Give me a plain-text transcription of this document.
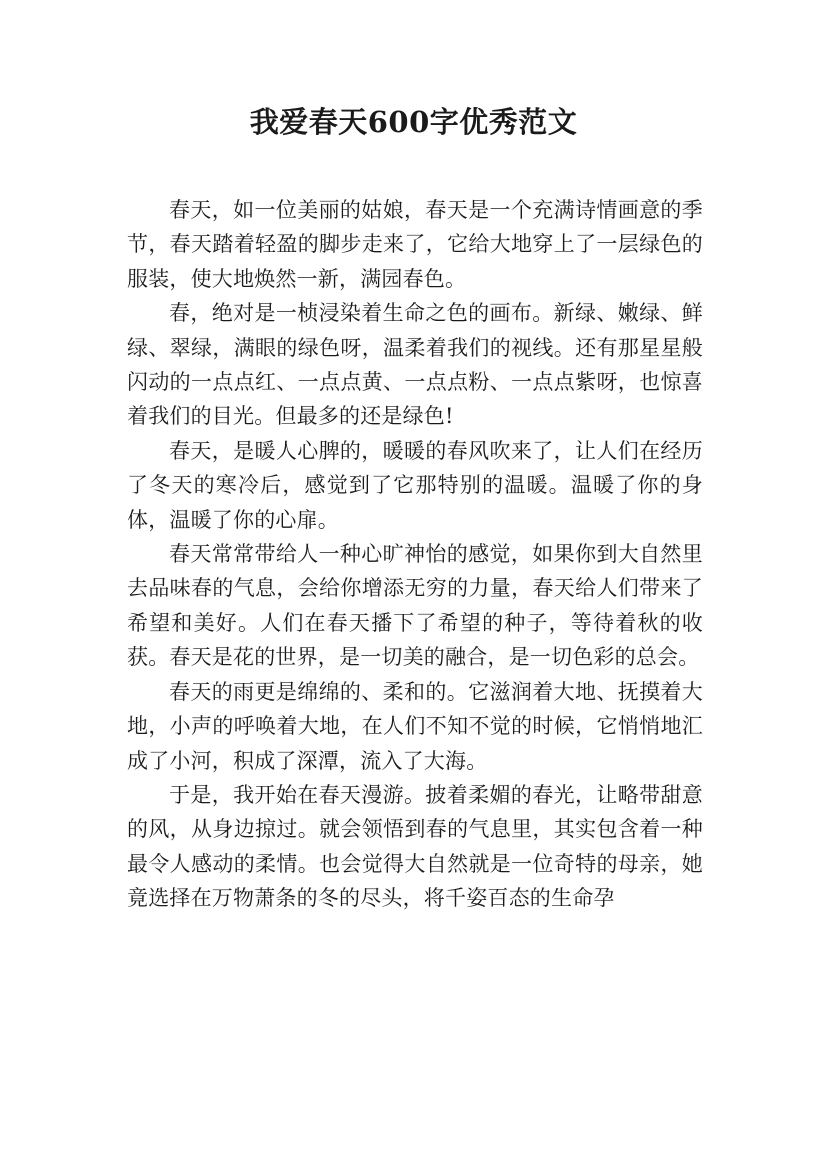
我爱春天600字优秀范文

春天，如一位美丽的姑娘，春天是一个充满诗情画意的季节，春天踏着轻盈的脚步走来了，它给大地穿上了一层绿色的服装，使大地焕然一新，满园春色。

春，绝对是一桢浸染着生命之色的画布。新绿、嫩绿、鲜绿、翠绿，满眼的绿色呀，温柔着我们的视线。还有那星星般闪动的一点点红、一点点黄、一点点粉、一点点紫呀，也惊喜着我们的目光。但最多的还是绿色!

春天，是暖人心脾的，暖暖的春风吹来了，让人们在经历了冬天的寒冷后，感觉到了它那特别的温暖。温暖了你的身体，温暖了你的心扉。

春天常常带给人一种心旷神怡的感觉，如果你到大自然里去品味春的气息，会给你增添无穷的力量，春天给人们带来了希望和美好。人们在春天播下了希望的种子，等待着秋的收获。春天是花的世界，是一切美的融合，是一切色彩的总会。

春天的雨更是绵绵的、柔和的。它滋润着大地、抚摸着大地，小声的呼唤着大地，在人们不知不觉的时候，它悄悄地汇成了小河，积成了深潭，流入了大海。

于是，我开始在春天漫游。披着柔媚的春光，让略带甜意的风，从身边掠过。就会领悟到春的气息里，其实包含着一种最令人感动的柔情。也会觉得大自然就是一位奇特的母亲，她竟选择在万物萧条的冬的尽头，将千姿百态的生命孕
